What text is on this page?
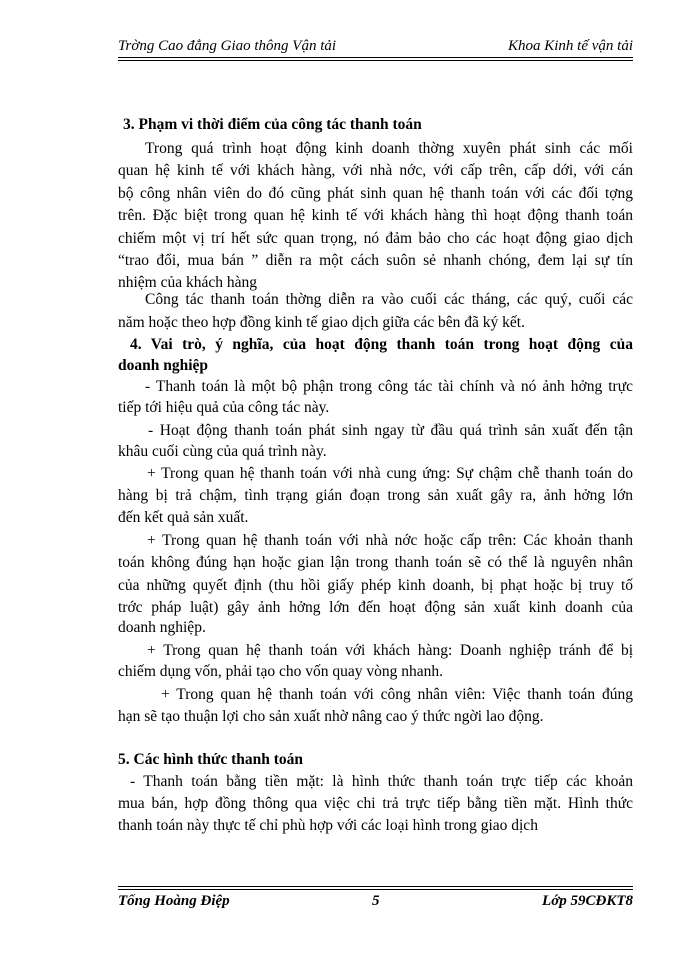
Trờng Cao đẳng Giao thông Vận tải	Khoa Kinh tế vận tải
3. Phạm vi thời điểm của công tác thanh toán
Trong quá trình hoạt động kinh doanh thờng xuyên phát sinh các mối
quan hệ kinh tế với khách hàng, với nhà nớc, với cấp trên, cấp dới, với cán
bộ công nhân viên do đó cũng phát sinh quan hệ thanh toán với các đối tợng
trên. Đặc biệt trong quan hệ kinh tế với khách hàng thì hoạt động thanh toán
chiếm một vị trí hết sức quan trọng, nó đảm bảo cho các hoạt động giao dịch
“trao đổi, mua bán ” diễn ra một cách suôn sẻ nhanh chóng, đem lại sự tín
nhiệm của khách hàng
Công tác thanh toán thờng diễn ra vào cuối các tháng, các quý, cuối các
năm hoặc theo hợp đồng kinh tế giao dịch giữa các bên đã ký kết.
4. Vai trò, ý nghĩa, của hoạt động thanh toán trong hoạt động của
doanh nghiệp
- Thanh toán là một bộ phận trong công tác tài chính và nó ảnh hởng trực
tiếp tới hiệu quả của công tác này.
- Hoạt động thanh toán phát sinh ngay từ đầu quá trình sản xuất đến tận
khâu cuối cùng của quá trình này.
+ Trong quan hệ thanh toán với nhà cung ứng: Sự chậm chễ thanh toán do
hàng bị trả chậm, tình trạng gián đoạn trong sản xuất gây ra, ảnh hởng lớn
đến kết quả sản xuất.
+ Trong quan hệ thanh toán với nhà nớc hoặc cấp trên: Các khoản thanh
toán không đúng hạn hoặc gian lận trong thanh toán sẽ có thể là nguyên nhân
của những quyết định (thu hồi giấy phép kinh doanh, bị phạt hoặc bị truy tố
trớc pháp luật) gây ảnh hởng lớn đến hoạt động sản xuất kinh doanh của
doanh nghiệp.
+ Trong quan hệ thanh toán với khách hàng: Doanh nghiệp tránh để bị
chiếm dụng vốn, phải tạo cho vốn quay vòng nhanh.
+ Trong quan hệ thanh toán với công nhân viên: Việc thanh toán đúng
hạn sẽ tạo thuận lợi cho sản xuất nhờ nâng cao ý thức ngời lao động.
5. Các hình thức thanh toán
- Thanh toán bằng tiền mặt: là hình thức thanh toán trực tiếp các khoản
mua bán, hợp đồng thông qua việc chi trả trực tiếp bằng tiền mặt. Hình thức
thanh toán này thực tế chỉ phù hợp với các loại hình trong giao dịch
Tống Hoàng Điệp	5	Lớp 59CĐKT8
